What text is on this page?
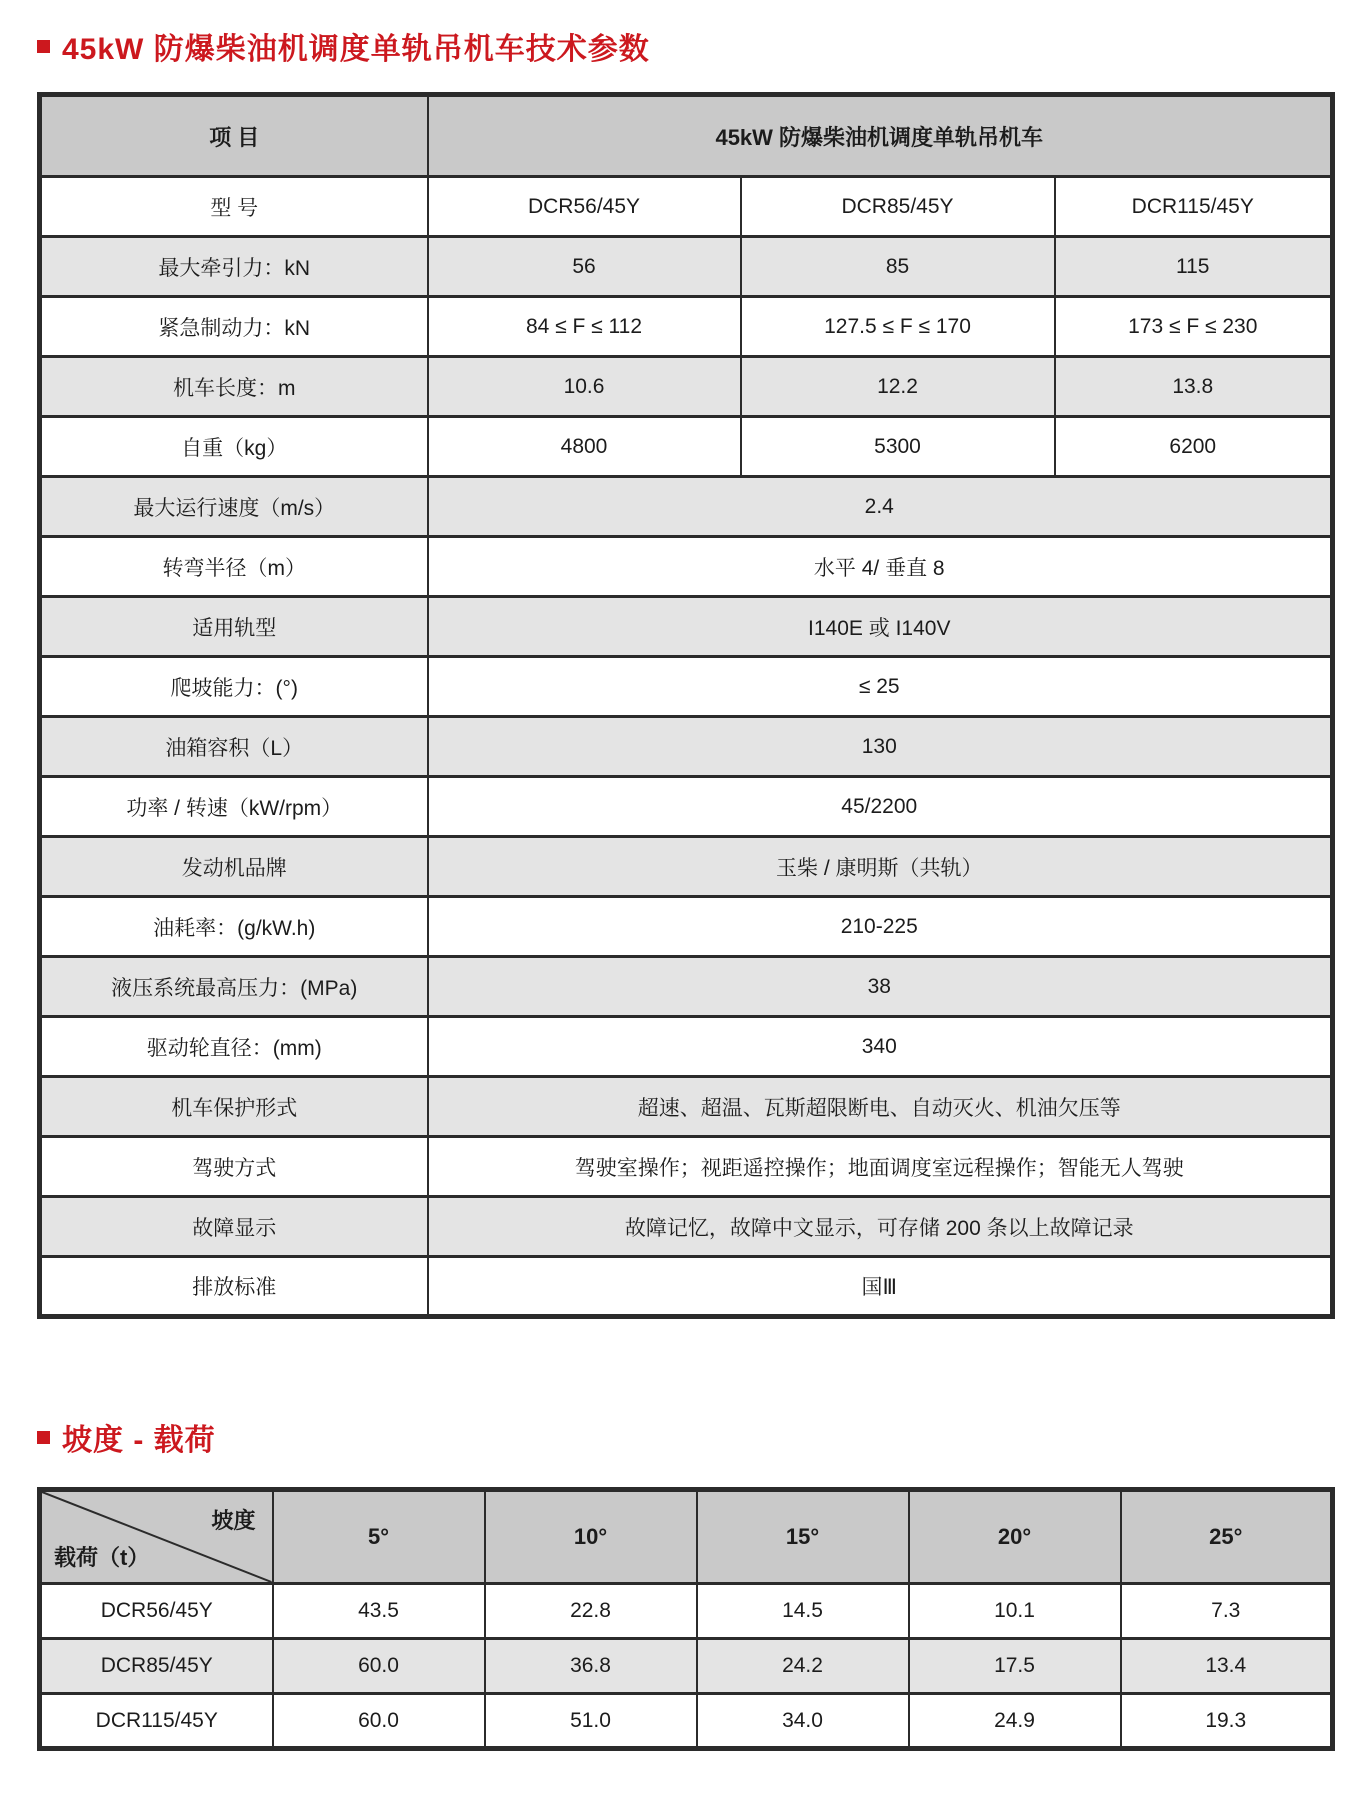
45kW 防爆柴油机调度单轨吊机车技术参数
项 目	45kW 防爆柴油机调度单轨吊机车		
型 号	DCR56/45Y	DCR85/45Y	DCR115/45Y
最大牵引力：kN	56	85	115
紧急制动力：kN	84 ≤ F ≤ 112	127.5 ≤ F ≤ 170	173 ≤ F ≤ 230
机车长度：m	10.6	12.2	13.8
自重（kg）	4800	5300	6200
最大运行速度（m/s）	2.4		
转弯半径（m）	水平 4/ 垂直 8		
适用轨型	I140E 或 I140V		
爬坡能力：(°)	≤ 25		
油箱容积（L）	130		
功率 / 转速（kW/rpm）	45/2200		
发动机品牌	玉柴 / 康明斯（共轨）		
油耗率：(g/kW.h)	210-225		
液压系统最高压力：(MPa)	38		
驱动轮直径：(mm)	340		
机车保护形式	超速、超温、瓦斯超限断电、自动灭火、机油欠压等		
驾驶方式	驾驶室操作；视距遥控操作；地面调度室远程操作；智能无人驾驶		
故障显示	故障记忆，故障中文显示，可存储 200 条以上故障记录		
排放标准	国Ⅲ		
坡度 - 载荷
坡度
载荷（t）	5°	10°	15°	20°	25°
DCR56/45Y	43.5	22.8	14.5	10.1	7.3
DCR85/45Y	60.0	36.8	24.2	17.5	13.4
DCR115/45Y	60.0	51.0	34.0	24.9	19.3
